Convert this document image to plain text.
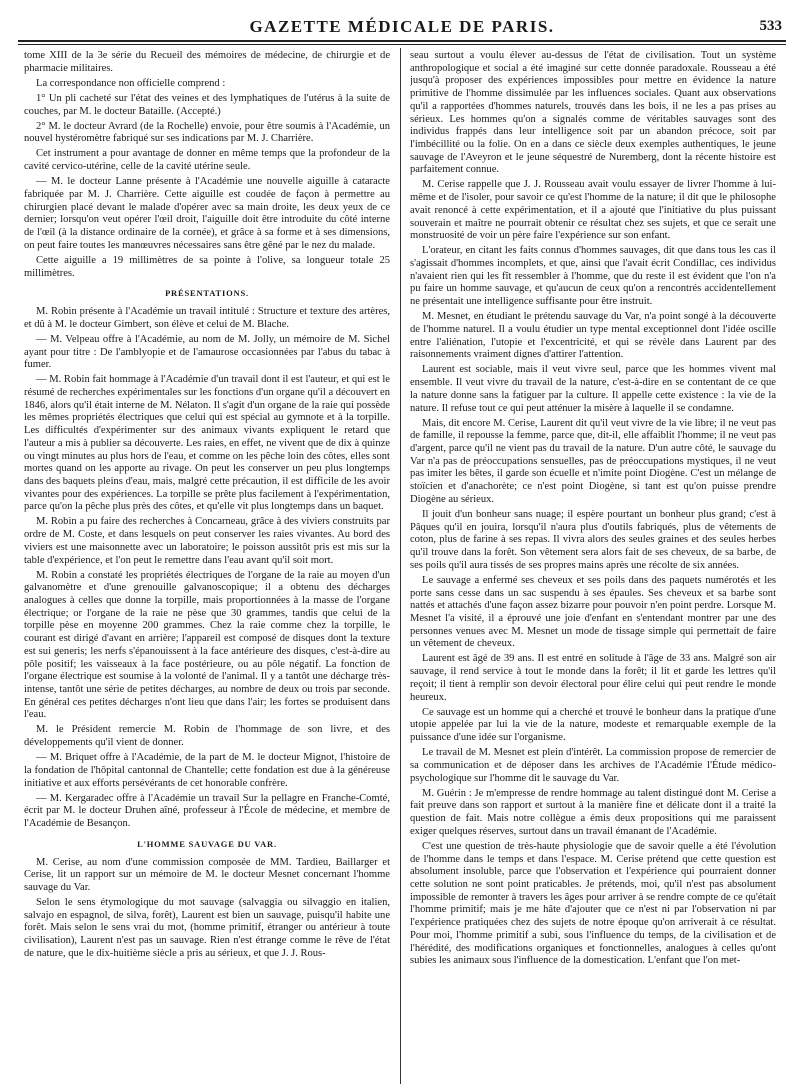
GAZETTE MÉDICALE DE PARIS.	533

tome XIII de la 3e série du Recueil des mémoires de médecine, de chirurgie et de pharmacie militaires.

La correspondance non officielle comprend :

1° Un pli cacheté sur l'état des veines et des lymphatiques de l'utérus à la suite de couches, par M. le docteur Bataille. (Accepté.)

2° M. le docteur Avrard (de la Rochelle) envoie, pour être soumis à l'Académie, un nouvel hystéromètre fabriqué sur ses indications par M. J. Charrière.

Cet instrument a pour avantage de donner en même temps que la profondeur de la cavité cervico-utérine, celle de la cavité utérine seule.

— M. le docteur Lanne présente à l'Académie une nouvelle aiguille à cataracte fabriquée par M. J. Charrière. Cette aiguille est coudée de façon à permettre au chirurgien placé devant le malade d'opérer avec sa main droite, les deux yeux de ce dernier; lorsqu'on veut opérer l'œil droit, l'aiguille doit être introduite du côté interne de l'œil (à la distance ordinaire de la cornée), et grâce à sa forme et à ses dimensions, on peut faire toutes les manœuvres nécessaires sans être gêné par le nez du malade.

Cette aiguille a 19 millimètres de sa pointe à l'olive, sa longueur totale 25 millimètres.

PRÉSENTATIONS.

M. Robin présente à l'Académie un travail intitulé : Structure et texture des artères, et dû à M. le docteur Gimbert, son élève et celui de M. Blache.

— M. Velpeau offre à l'Académie, au nom de M. Jolly, un mémoire de M. Sichel ayant pour titre : De l'amblyopie et de l'amaurose occasionnées par l'abus du tabac à fumer.

— M. Robin fait hommage à l'Académie d'un travail dont il est l'auteur, et qui est le résumé de recherches expérimentales sur les fonctions d'un organe qu'il a découvert en 1846, alors qu'il était interne de M. Nélaton. Il s'agit d'un organe de la raie qui possède les mêmes propriétés électriques que celui qui est spécial au gymnote et à la torpille. Les difficultés d'expérimenter sur des animaux vivants expliquent le retard que l'auteur a mis à publier sa découverte. Les raies, en effet, ne vivent que de dix à quinze ou vingt minutes au plus hors de l'eau, et comme on les pêche loin des côtes, elles sont mortes quand on les apporte au rivage. On peut les conserver un peu plus longtemps dans des baquets pleins d'eau, mais, malgré cette précaution, il est difficile de les avoir vivantes pour des expériences. La torpille se prête plus facilement à l'expérimentation, parce qu'on la pêche plus près des côtes, et qu'elle vit plus longtemps dans un baquet.

M. Robin a pu faire des recherches à Concarneau, grâce à des viviers construits par ordre de M. Coste, et dans lesquels on peut conserver les raies vivantes. Au bord des viviers est une maisonnette avec un laboratoire; le poisson aussitôt pris est mis sur la table d'expérience, et l'on peut le remettre dans l'eau avant qu'il soit mort.

M. Robin a constaté les propriétés électriques de l'organe de la raie au moyen d'un galvanomètre et d'une grenouille galvanoscopique; il a obtenu des décharges analogues à celles que donne la torpille, mais proportionnées à la masse de l'organe électrique; or l'organe de la raie ne pèse que 30 grammes, tandis que celui de la torpille pèse en moyenne 200 grammes. Chez la raie comme chez la torpille, le courant est dirigé d'avant en arrière; l'appareil est composé de disques dont la texture est sui generis; les nerfs s'épanouissent à la face antérieure des disques, c'est-à-dire au pôle positif; les vaisseaux à la face postérieure, ou au pôle négatif. La fonction de l'organe électrique est soumise à la volonté de l'animal. Il y a tantôt une décharge très-intense, tantôt une série de petites décharges, au nombre de deux ou trois par seconde. En général ces petites décharges n'ont lieu que dans l'air; les fortes se produisent dans l'eau.

M. le Président remercie M. Robin de l'hommage de son livre, et des développements qu'il vient de donner.

— M. Briquet offre à l'Académie, de la part de M. le docteur Mignot, l'histoire de la fondation de l'hôpital cantonnal de Chantelle; cette fondation est due à la généreuse initiative et aux efforts persévérants de cet honorable confrère.

— M. Kergaradec offre à l'Académie un travail Sur la pellagre en Franche-Comté, écrit par M. le docteur Druhen aîné, professeur à l'École de médecine, et membre de l'Académie de Besançon.

L'HOMME SAUVAGE DU VAR.

M. Cerise, au nom d'une commission composée de MM. Tardieu, Baillarger et Cerise, lit un rapport sur un mémoire de M. le docteur Mesnet concernant l'homme sauvage du Var.

Selon le sens étymologique du mot sauvage (salvaggia ou silvaggio en italien, salvajo en espagnol, de silva, forêt), Laurent est bien un sauvage, puisqu'il habite une forêt. Mais selon le sens vrai du mot, (homme primitif, étranger ou antérieur à toute civilisation), Laurent n'est pas un sauvage. Rien n'est étrange comme le rêve de l'état de nature, que le dix-huitième siècle a pris au sérieux, et que J. J. Rous-

seau surtout a voulu élever au-dessus de l'état de civilisation. Tout un système anthropologique et social a été imaginé sur cette donnée paradoxale. Rousseau a été jusqu'à proposer des expériences impossibles pour mettre en évidence la nature primitive de l'homme dissimulée par les influences sociales. Quant aux observations qu'il a rapportées d'hommes naturels, trouvés dans les bois, il ne les a pas prises au sérieux. Les hommes qu'on a signalés comme de véritables sauvages sont des individus frappés dans leur intelligence soit par un abandon précoce, soit par l'imbécillité ou la folie. On en a dans ce siècle deux exemples authentiques, le jeune sauvage de l'Aveyron et le jeune séquestré de Nuremberg, dont la récente histoire est parfaitement connue.

M. Cerise rappelle que J. J. Rousseau avait voulu essayer de livrer l'homme à lui-même et de l'isoler, pour savoir ce qu'est l'homme de la nature; il dit que le philosophe avait renoncé à cette expérimentation, et il a ajouté que l'initiative du plus puissant souverain et maître ne pourrait obtenir ce résultat chez ses sujets, et que ce serait une monstruosité de voir un père faire l'expérience sur son enfant.

L'orateur, en citant les faits connus d'hommes sauvages, dit que dans tous les cas il s'agissait d'hommes incomplets, et que, ainsi que l'avait écrit Condillac, ces individus n'avaient rien qui les fît ressembler à l'homme, que du reste il est évident que l'on n'a pu faire un homme sauvage, et qu'aucun de ceux qu'on a rencontrés accidentellement ne présentait une intelligence suffisante pour être instruit.

M. Mesnet, en étudiant le prétendu sauvage du Var, n'a point songé à la découverte de l'homme naturel. Il a voulu étudier un type mental exceptionnel dont l'idée oscille entre l'aliénation, l'utopie et l'excentricité, et qui se révèle dans Laurent par des raisonnements vraiment dignes d'attirer l'attention.

Laurent est sociable, mais il veut vivre seul, parce que les hommes vivent mal ensemble. Il veut vivre du travail de la nature, c'est-à-dire en se contentant de ce que la nature donne sans la fatiguer par la culture. Il appelle cette existence : la vie de la nature. Il refuse tout ce qui peut atténuer la misère à laquelle il se condamne.

Mais, dit encore M. Cerise, Laurent dit qu'il veut vivre de la vie libre; il ne veut pas de famille, il repousse la femme, parce que, dit-il, elle affaiblit l'homme; il ne veut pas d'argent, parce qu'il ne vient pas du travail de la nature. D'un autre côté, le sauvage du Var n'a pas de préoccupations sensuelles, pas de préoccupations mystiques, il ne veut pas imiter les bêtes, il garde son écuelle et n'imite point Diogène. C'est un mélange de stoïcien et d'anachorète; ce n'est point Diogène, si tant est qu'on puisse prendre Diogène au sérieux.

Il jouit d'un bonheur sans nuage; il espère pourtant un bonheur plus grand; c'est à Pâques qu'il en jouira, lorsqu'il n'aura plus d'outils fabriqués, plus de vêtements de coton, plus de farine à ses repas. Il vivra alors des seules graines et des seules herbes qu'il trouve dans la forêt. Son vêtement sera alors fait de ses cheveux, de sa barbe, de ses poils qu'il aura tissés de ses propres mains après une récolte de six années.

Le sauvage a enfermé ses cheveux et ses poils dans des paquets numérotés et les porte sans cesse dans un sac suspendu à ses épaules. Ses cheveux et sa barbe sont nattés et attachés d'une façon assez bizarre pour pouvoir n'en point perdre. Lorsque M. Mesnet l'a visité, il a éprouvé une joie d'enfant en s'entendant montrer par une des personnes venues avec M. Mesnet un mode de tissage simple qui permettait de faire un vêtement de cheveux.

Laurent est âgé de 39 ans. Il est entré en solitude à l'âge de 33 ans. Malgré son air sauvage, il rend service à tout le monde dans la forêt; il lit et garde les lettres qu'il reçoit; il tient à remplir son devoir électoral pour élire celui qui peut rendre le monde heureux.

Ce sauvage est un homme qui a cherché et trouvé le bonheur dans la pratique d'une utopie appelée par lui la vie de la nature, modeste et remarquable exemple de la puissance d'une idée sur l'organisme.

Le travail de M. Mesnet est plein d'intérêt. La commission propose de remercier de sa communication et de déposer dans les archives de l'Académie l'Étude médico-psychologique sur l'homme dit le sauvage du Var.

M. Guérin : Je m'empresse de rendre hommage au talent distingué dont M. Cerise a fait preuve dans son rapport et surtout à la manière fine et délicate dont il a traité la question de fait. Mais notre collègue a émis deux propositions qui me paraissent exiger quelques réserves, surtout dans un travail émanant de l'Académie.

C'est une question de très-haute physiologie que de savoir quelle a été l'évolution de l'homme dans le temps et dans l'espace. M. Cerise prétend que cette question est absolument insoluble, parce que l'observation et l'expérience qui pourraient donner cette solution ne sont point praticables. Je prétends, moi, qu'il n'est pas absolument impossible de remonter à travers les âges pour arriver à se rendre compte de ce qu'était l'homme primitif; mais je me hâte d'ajouter que ce n'est ni par l'observation ni par l'expérience pratiquées chez des sujets de notre époque qu'on arriverait à ce résultat. Pour moi, l'homme primitif a subi, sous l'influence du temps, de la civilisation et de l'hérédité, des modifications organiques et fonctionnelles, analogues à celles qu'ont subies les animaux sous l'influence de la domestication. L'enfant que l'on met-
